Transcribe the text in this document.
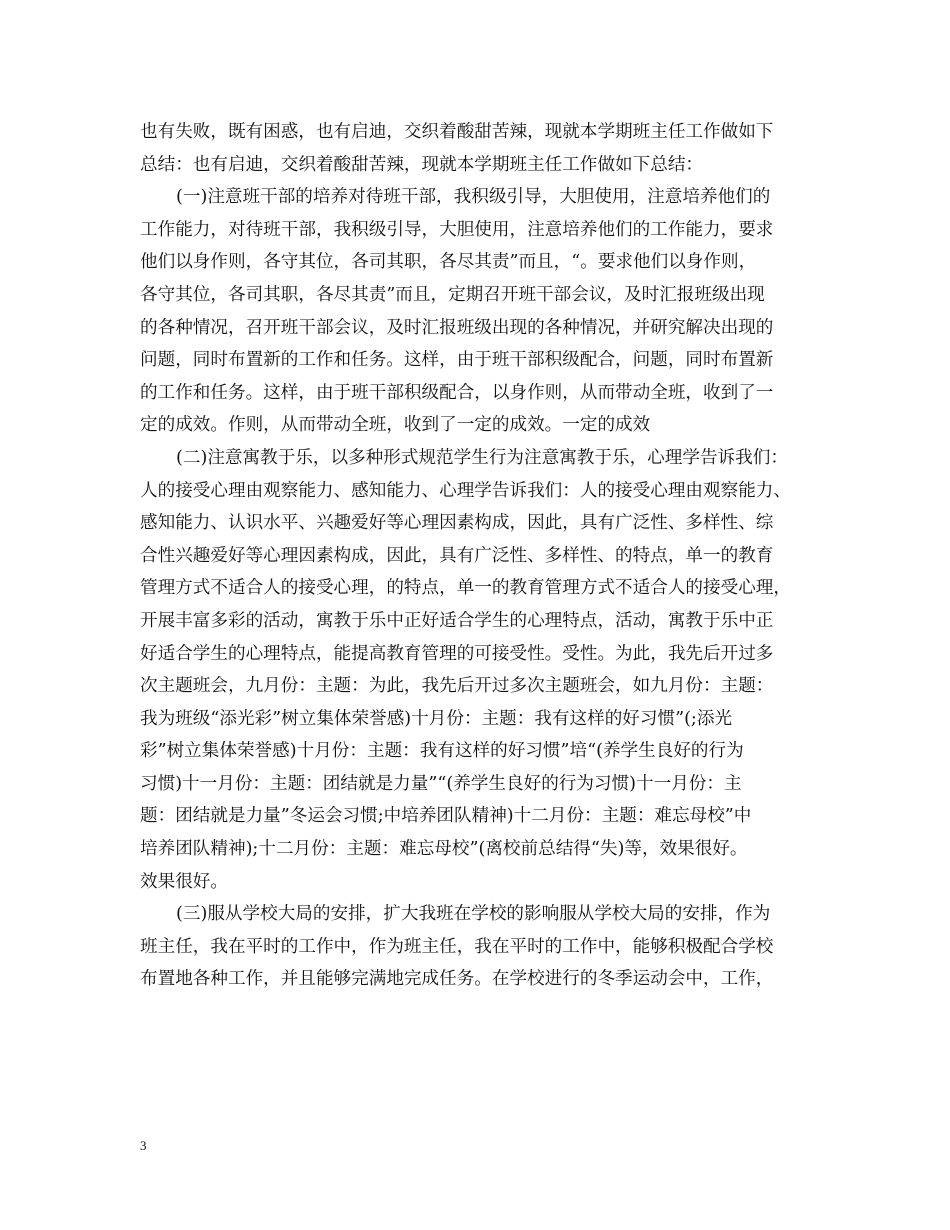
也有失败，既有困惑，也有启迪，交织着酸甜苦辣，现就本学期班主任工作做如下
总结：也有启迪，交织着酸甜苦辣，现就本学期班主任工作做如下总结：
(一)注意班干部的培养对待班干部，我积级引导，大胆使用，注意培养他们的
工作能力，对待班干部，我积级引导，大胆使用，注意培养他们的工作能力，要求
他们以身作则，各守其位，各司其职，各尽其责”而且，“。要求他们以身作则，
各守其位，各司其职，各尽其责”而且，定期召开班干部会议，及时汇报班级出现
的各种情况，召开班干部会议，及时汇报班级出现的各种情况，并研究解决出现的
问题，同时布置新的工作和任务。这样，由于班干部积级配合，问题，同时布置新
的工作和任务。这样，由于班干部积级配合，以身作则，从而带动全班，收到了一
定的成效。作则，从而带动全班，收到了一定的成效。一定的成效
(二)注意寓教于乐，以多种形式规范学生行为注意寓教于乐，心理学告诉我们：
人的接受心理由观察能力、感知能力、心理学告诉我们：人的接受心理由观察能力、
感知能力、认识水平、兴趣爱好等心理因素构成，因此，具有广泛性、多样性、综
合性兴趣爱好等心理因素构成，因此，具有广泛性、多样性、的特点，单一的教育
管理方式不适合人的接受心理，的特点，单一的教育管理方式不适合人的接受心理，
开展丰富多彩的活动，寓教于乐中正好适合学生的心理特点，活动，寓教于乐中正
好适合学生的心理特点，能提高教育管理的可接受性。受性。为此，我先后开过多
次主题班会，九月份：主题：为此，我先后开过多次主题班会，如九月份：主题：
我为班级“添光彩”树立集体荣誉感)十月份：主题：我有这样的好习惯”(;添光
彩”树立集体荣誉感)十月份：主题：我有这样的好习惯”培“(养学生良好的行为
习惯)十一月份：主题：团结就是力量”“(养学生良好的行为习惯)十一月份：主
题：团结就是力量”冬运会习惯;中培养团队精神)十二月份：主题：难忘母校”中
培养团队精神);十二月份：主题：难忘母校”(离校前总结得“失)等，效果很好。
效果很好。
(三)服从学校大局的安排，扩大我班在学校的影响服从学校大局的安排，作为
班主任，我在平时的工作中，作为班主任，我在平时的工作中，能够积极配合学校
布置地各种工作，并且能够完满地完成任务。在学校进行的冬季运动会中，工作，
3
